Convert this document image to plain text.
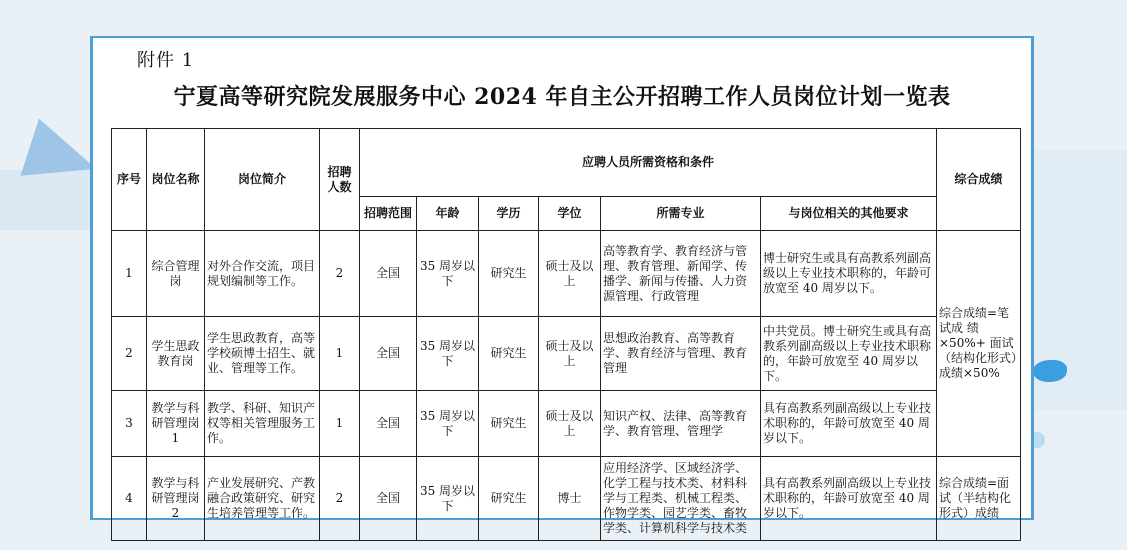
附件 1
宁夏高等研究院发展服务中心 2024 年自主公开招聘工作人员岗位计划一览表
序号	岗位名称	岗位简介	招聘人数	应聘人员所需资格和条件						综合成绩
				招聘范围	年龄	学历	学位	所需专业	与岗位相关的其他要求	
1	综合管理岗	对外合作交流，项目规划编制等工作。	2	全国	35 周岁以下	研究生	硕士及以上	高等教育学、教育经济与管理、教育管理、新闻学、传播学、新闻与传播、人力资源管理、行政管理	博士研究生或具有高教系列副高级以上专业技术职称的，年龄可放宽至 40 周岁以下。	综合成绩=笔试成 绩 ×50%+ 面试（结构化形式）成绩×50%
2	学生思政教育岗	学生思政教育，高等学校硕博士招生、就业、管理等工作。	1	全国	35 周岁以下	研究生	硕士及以上	思想政治教育、高等教育学、教育经济与管理、教育管理	中共党员。博士研究生或具有高教系列副高级以上专业技术职称的，年龄可放宽至 40 周岁以下。	
3	教学与科研管理岗 1	教学、科研、知识产权等相关管理服务工作。	1	全国	35 周岁以下	研究生	硕士及以上	知识产权、法律、高等教育学、教育管理、管理学	具有高教系列副高级以上专业技术职称的，年龄可放宽至 40 周岁以下。	
4	教学与科研管理岗 2	产业发展研究、产教融合政策研究、研究生培养管理等工作。	2	全国	35 周岁以下	研究生	博士	应用经济学、区域经济学、化学工程与技术类、材料科学与工程类、机械工程类、作物学类、园艺学类、畜牧学类、计算机科学与技术类	具有高教系列副高级以上专业技术职称的，年龄可放宽至 40 周岁以下。	综合成绩=面试（半结构化形式）成绩
